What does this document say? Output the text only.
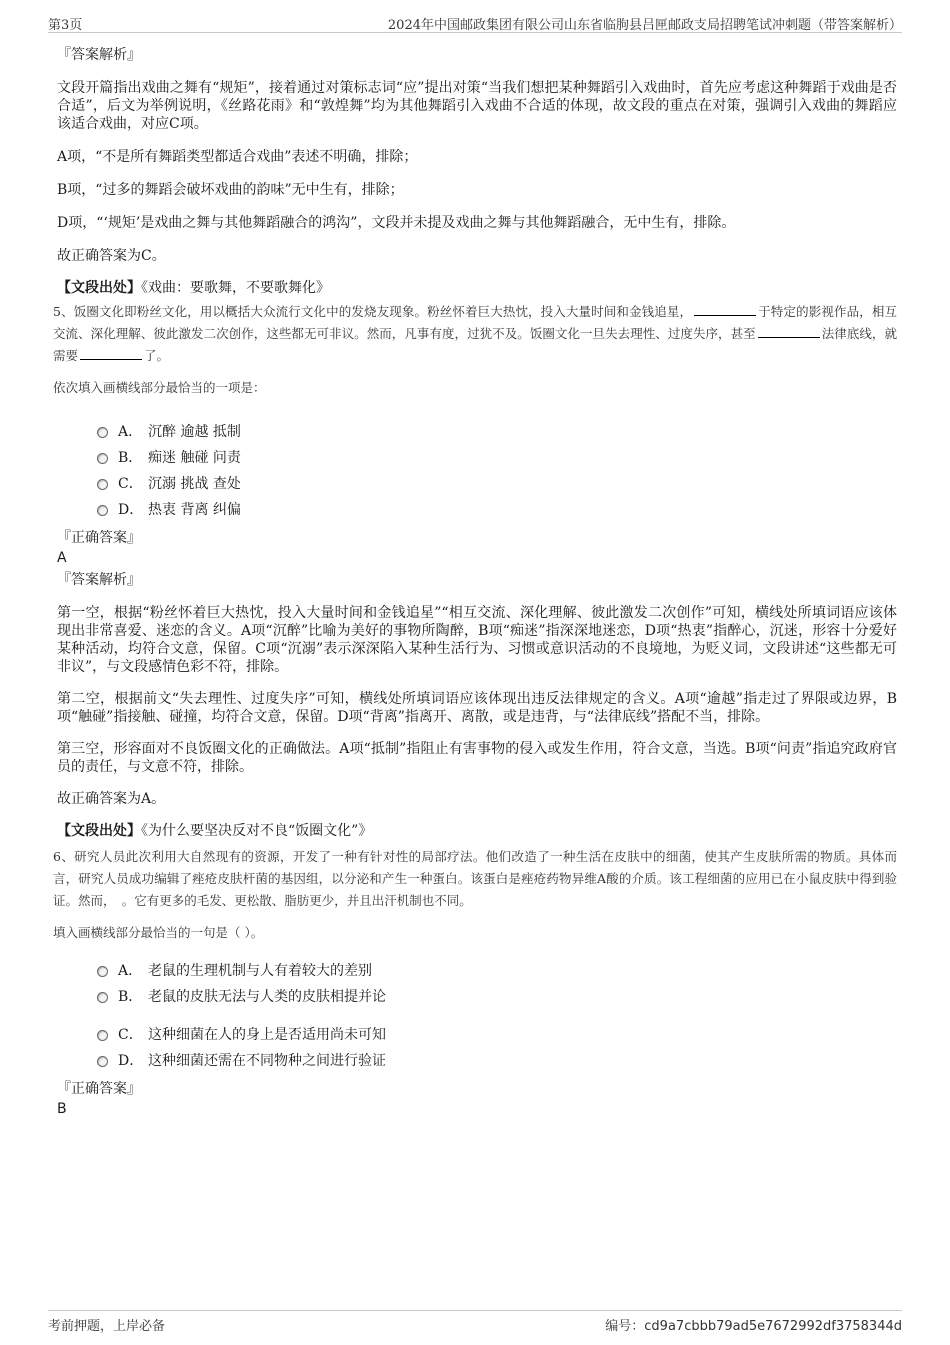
第3页	2024年中国邮政集团有限公司山东省临朐县吕匣邮政支局招聘笔试冲刺题（带答案解析）

『答案解析』

文段开篇指出戏曲之舞有“规矩”，接着通过对策标志词“应”提出对策“当我们想把某种舞蹈引入戏曲时，首先应考虑这种舞蹈于戏曲是否合适”，后文为举例说明，《丝路花雨》和“敦煌舞”均为其他舞蹈引入戏曲不合适的体现，故文段的重点在对策，强调引入戏曲的舞蹈应该适合戏曲，对应C项。

A项，“不是所有舞蹈类型都适合戏曲”表述不明确，排除；

B项，“过多的舞蹈会破坏戏曲的韵味”无中生有，排除；

D项，“‘规矩’是戏曲之舞与其他舞蹈融合的鸿沟”，文段并未提及戏曲之舞与其他舞蹈融合，无中生有，排除。

故正确答案为C。

【文段出处】《戏曲：要歌舞，不要歌舞化》

5、饭圈文化即粉丝文化，用以概括大众流行文化中的发烧友现象。粉丝怀着巨大热忱，投入大量时间和金钱追星，	于特定的影视作品，相互交流、深化理解、彼此激发二次创作，这些都无可非议。然而，凡事有度，过犹不及。饭圈文化一旦失去理性、过度失序，甚至	法律底线，就需要	了。

依次填入画横线部分最恰当的一项是：

A． 沉醉 逾越 抵制
B． 痴迷 触碰 问责
C． 沉溺 挑战 查处
D． 热衷 背离 纠偏

『正确答案』

A

『答案解析』

第一空，根据“粉丝怀着巨大热忱，投入大量时间和金钱追星”“相互交流、深化理解、彼此激发二次创作”可知，横线处所填词语应该体现出非常喜爱、迷恋的含义。A项“沉醉”比喻为美好的事物所陶醉，B项“痴迷”指深深地迷恋，D项“热衷”指醉心，沉迷，形容十分爱好某种活动，均符合文意，保留。C项“沉溺”表示深深陷入某种生活行为、习惯或意识活动的不良境地，为贬义词，文段讲述“这些都无可非议”，与文段感情色彩不符，排除。

第二空，根据前文“失去理性、过度失序”可知，横线处所填词语应该体现出违反法律规定的含义。A项“逾越”指走过了界限或边界，B项“触碰”指接触、碰撞，均符合文意，保留。D项“背离”指离开、离散，或是违背，与“法律底线”搭配不当，排除。

第三空，形容面对不良饭圈文化的正确做法。A项“抵制”指阻止有害事物的侵入或发生作用，符合文意，当选。B项“问责”指追究政府官员的责任，与文意不符，排除。

故正确答案为A。

【文段出处】《为什么要坚决反对不良“饭圈文化”》

6、研究人员此次利用大自然现有的资源，开发了一种有针对性的局部疗法。他们改造了一种生活在皮肤中的细菌，使其产生皮肤所需的物质。具体而言，研究人员成功编辑了痤疮皮肤杆菌的基因组，以分泌和产生一种蛋白。该蛋白是痤疮药物异维A酸的介质。该工程细菌的应用已在小鼠皮肤中得到验证。然而，　。它有更多的毛发、更松散、脂肪更少，并且出汗机制也不同。

填入画横线部分最恰当的一句是（ ）。

A． 老鼠的生理机制与人有着较大的差别
B． 老鼠的皮肤无法与人类的皮肤相提并论
C． 这种细菌在人的身上是否适用尚未可知
D． 这种细菌还需在不同物种之间进行验证

『正确答案』

B

考前押题，上岸必备	编号：cd9a7cbbb79ad5e7672992df3758344d
